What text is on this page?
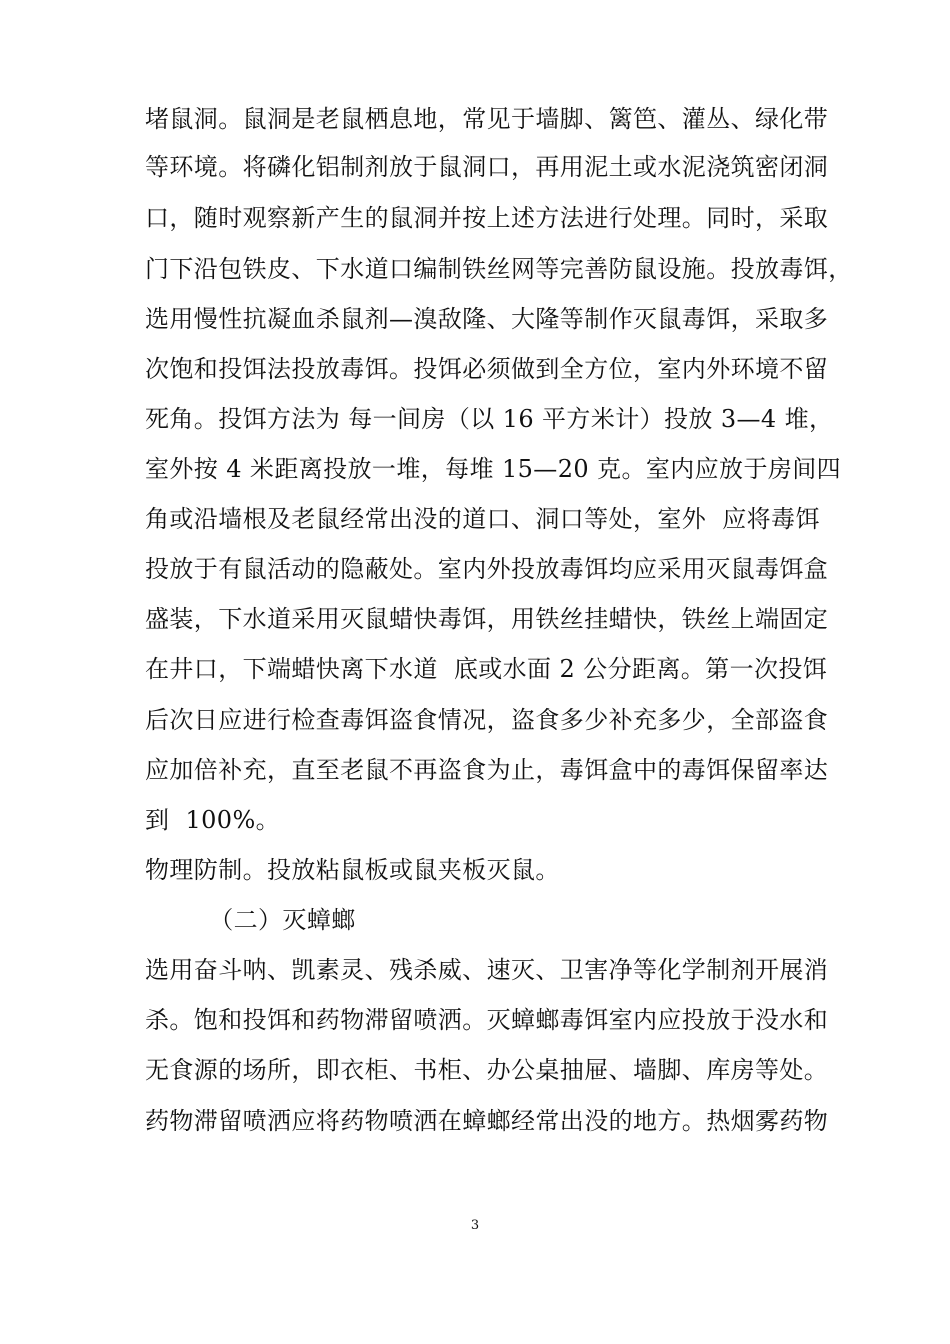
堵鼠洞。鼠洞是老鼠栖息地，常见于墙脚、篱笆、灌丛、绿化带
等环境。将磷化铝制剂放于鼠洞口，再用泥土或水泥浇筑密闭洞
口，随时观察新产生的鼠洞并按上述方法进行处理。同时，采取
门下沿包铁皮、下水道口编制铁丝网等完善防鼠设施。投放毒饵，
选用慢性抗凝血杀鼠剂—溴敌隆、大隆等制作灭鼠毒饵，采取多
次饱和投饵法投放毒饵。投饵必须做到全方位，室内外环境不留
死角。投饵方法为 每一间房（以 16 平方米计）投放 3—4 堆，
室外按 4 米距离投放一堆，每堆 15—20 克。室内应放于房间四
角或沿墙根及老鼠经常出没的道口、洞口等处，室外  应将毒饵
投放于有鼠活动的隐蔽处。室内外投放毒饵均应采用灭鼠毒饵盒
盛装，下水道采用灭鼠蜡快毒饵，用铁丝挂蜡快，铁丝上端固定
在井口，下端蜡快离下水道  底或水面 2 公分距离。第一次投饵
后次日应进行检查毒饵盗食情况，盗食多少补充多少，全部盗食
应加倍补充，直至老鼠不再盗食为止，毒饵盒中的毒饵保留率达
到  100%。
物理防制。投放粘鼠板或鼠夹板灭鼠。
（二）灭蟑螂
选用奋斗呐、凯素灵、残杀威、速灭、卫害净等化学制剂开展消
杀。饱和投饵和药物滞留喷洒。灭蟑螂毒饵室内应投放于没水和
无食源的场所，即衣柜、书柜、办公桌抽屉、墙脚、库房等处。
药物滞留喷洒应将药物喷洒在蟑螂经常出没的地方。热烟雾药物
3
